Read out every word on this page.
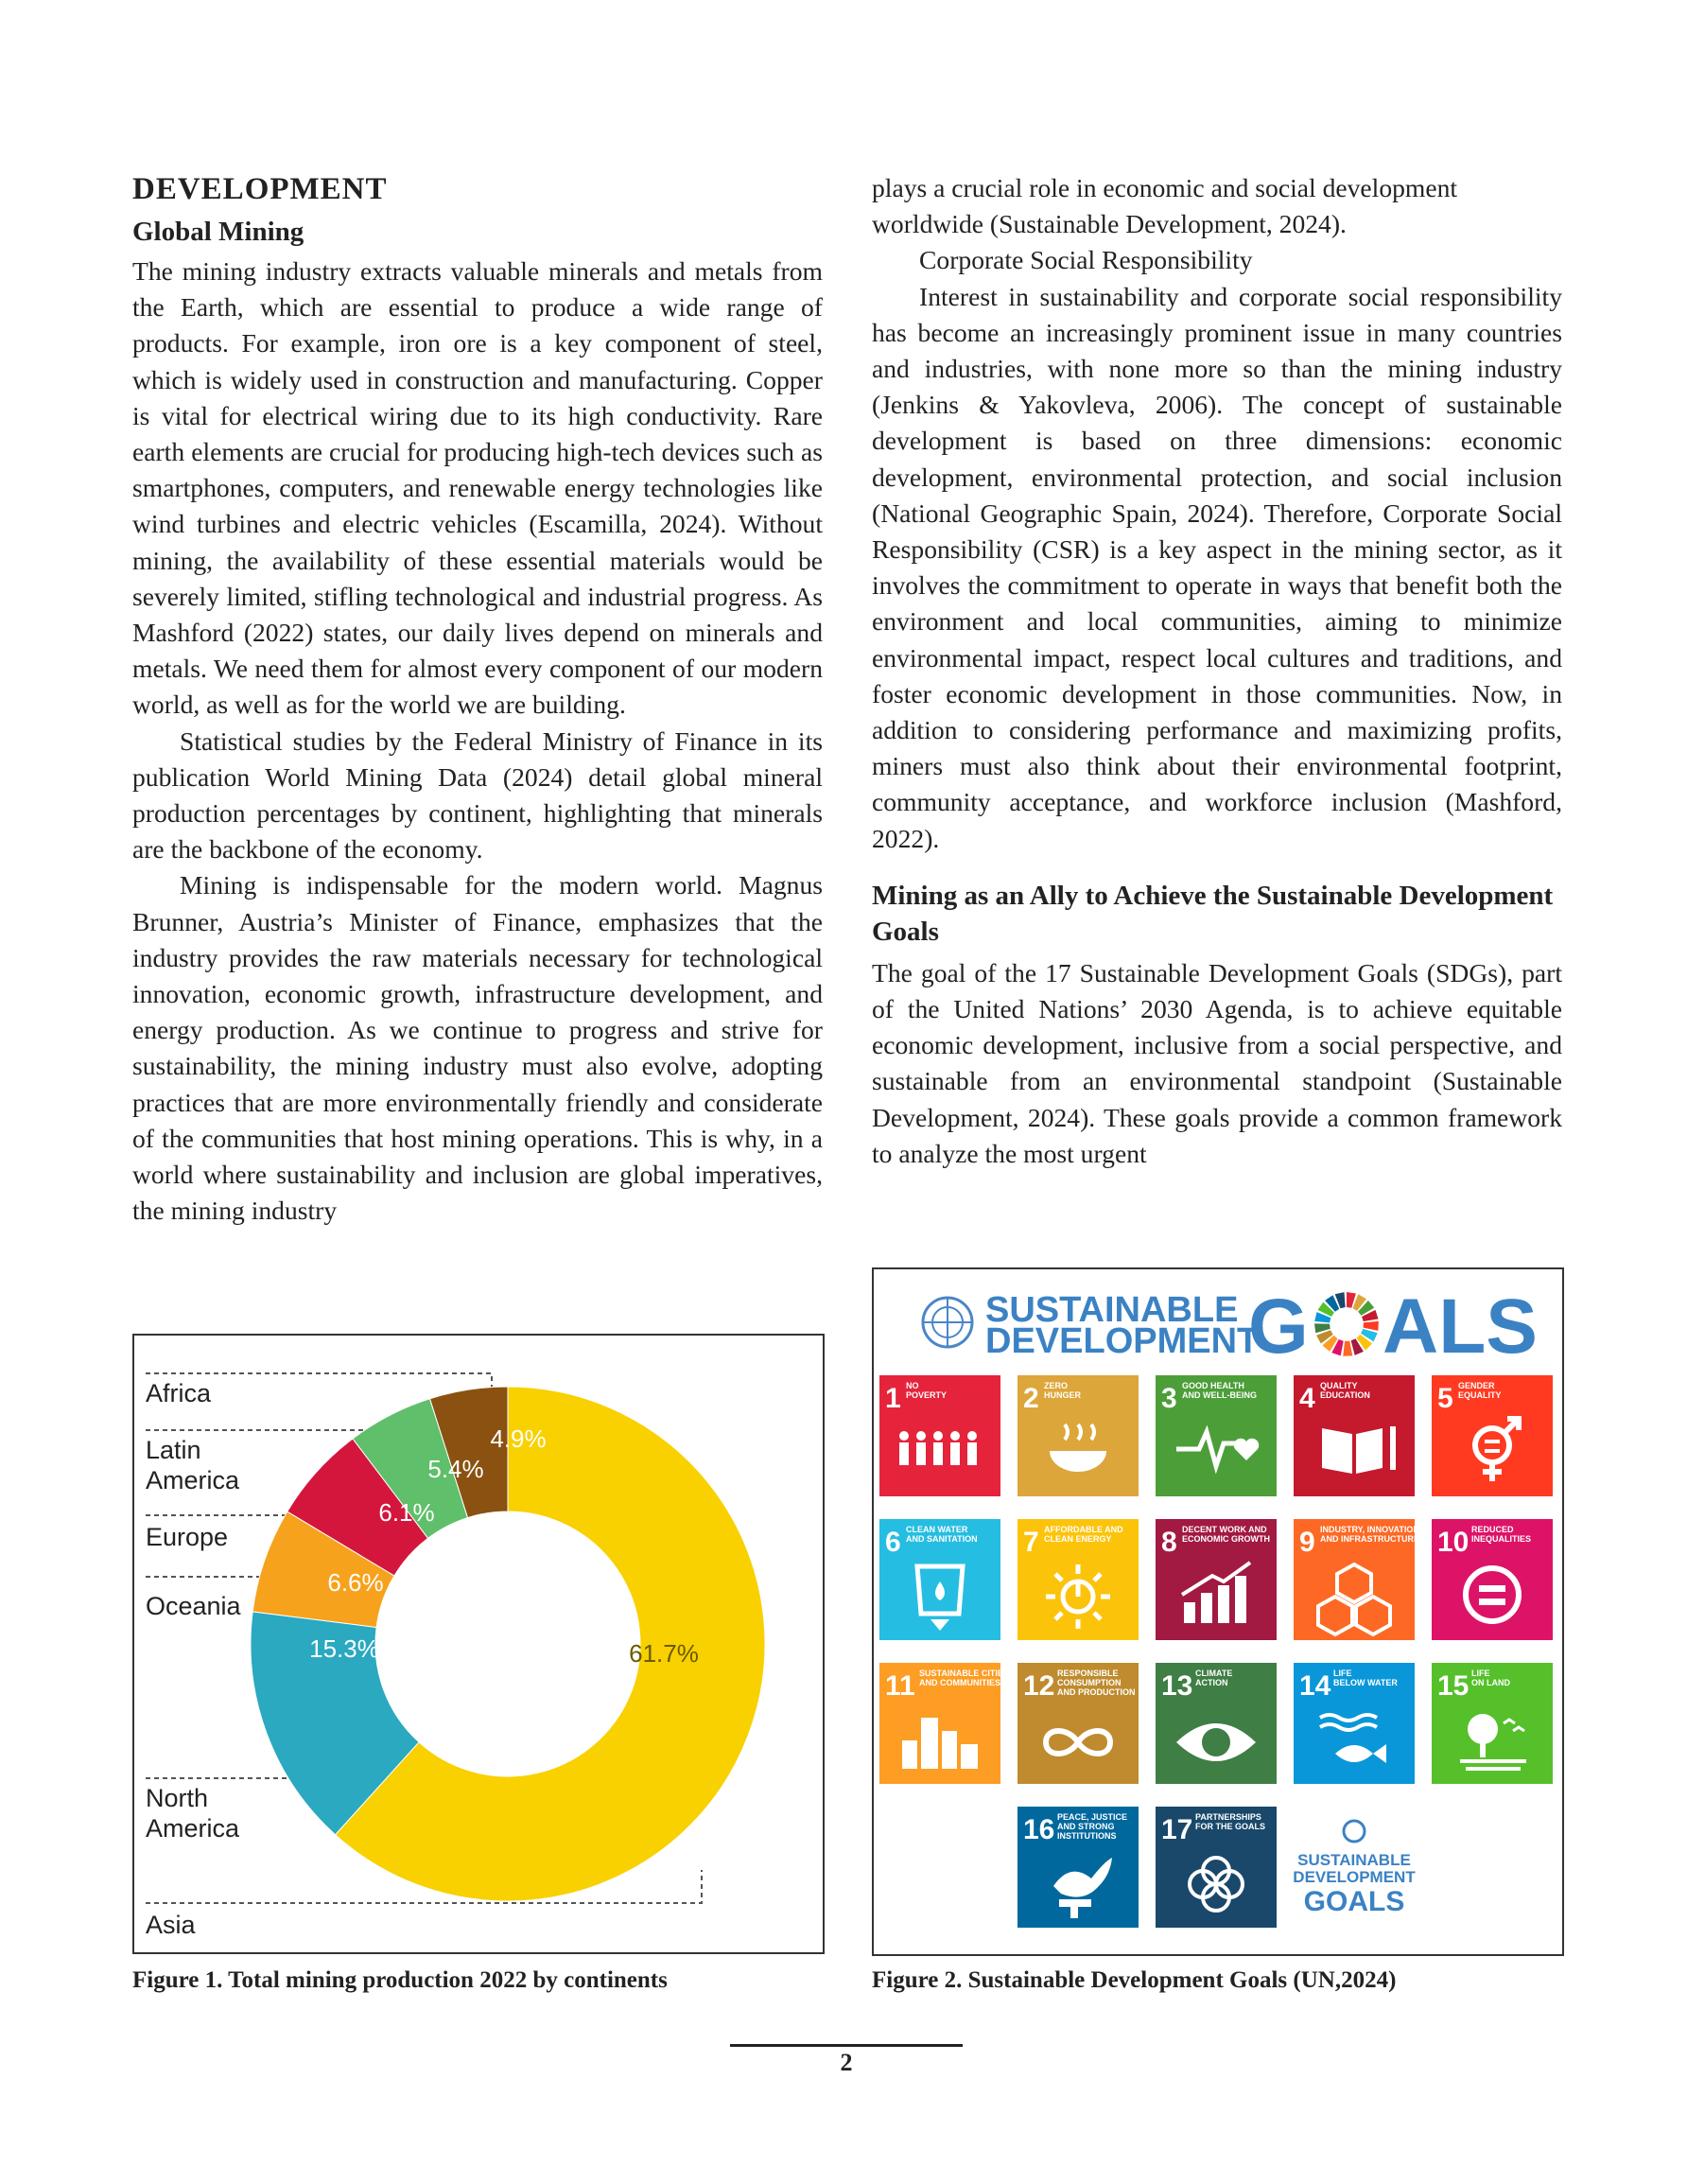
DEVELOPMENT
Global Mining

The mining industry extracts valuable minerals and metals from the Earth, which are essential to produce a wide range of products. For example, iron ore is a key component of steel, which is widely used in construction and manufacturing. Copper is vital for electrical wiring due to its high conductivity. Rare earth elements are crucial for producing high-tech devices such as smartphones, computers, and renewable energy technologies like wind turbines and electric vehicles (Escamilla, 2024). Without mining, the availability of these essential materials would be severely limited, stifling technological and industrial progress. As Mashford (2022) states, our daily lives depend on minerals and metals. We need them for almost every component of our modern world, as well as for the world we are building.

Statistical studies by the Federal Ministry of Finance in its publication World Mining Data (2024) detail global mineral production percentages by continent, highlighting that minerals are the backbone of the economy.

Mining is indispensable for the modern world. Magnus Brunner, Austria’s Minister of Finance, emphasizes that the industry provides the raw materials necessary for technological innovation, economic growth, infrastructure development, and energy production. As we continue to progress and strive for sustainability, the mining industry must also evolve, adopting practices that are more environmentally friendly and considerate of the communities that host mining operations. This is why, in a world where sustainability and inclusion are global imperatives, the mining industry

plays a crucial role in economic and social development worldwide (Sustainable Development, 2024).

Corporate Social Responsibility

Interest in sustainability and corporate social responsibility has become an increasingly prominent issue in many countries and industries, with none more so than the mining industry (Jenkins & Yakovleva, 2006). The concept of sustainable development is based on three dimensions: economic development, environmental protection, and social inclusion (National Geographic Spain, 2024). Therefore, Corporate Social Responsibility (CSR) is a key aspect in the mining sector, as it involves the commitment to operate in ways that benefit both the environment and local communities, aiming to minimize environmental impact, respect local cultures and traditions, and foster economic development in those communities. Now, in addition to considering performance and maximizing profits, miners must also think about their environmental footprint, community acceptance, and workforce inclusion (Mashford, 2022).

Mining as an Ally to Achieve the Sustainable Development Goals

The goal of the 17 Sustainable Development Goals (SDGs), part of the United Nations’ 2030 Agenda, is to achieve equitable economic development, inclusive from a social perspective, and sustainable from an environmental standpoint (Sustainable Development, 2024). These goals provide a common framework to analyze the most urgent

Africa
Latin
America
Europe
Oceania
North
America
Asia
61.7%
15.3%
6.6%
6.1%
5.4%
4.9%
SUSTAINABLE
DEVELOPMENT
G ALS
1 NO
POVERTY	2 ZERO
HUNGER	3 GOOD HEALTH
AND WELL-BEING 4 QUALITY
EDUCATION 5 GENDER
EQUALITY
6 CLEAN WATER
AND SANITATION 7 AFFORDABLE AND
CLEAN ENERGY 8 DECENT WORK AND
ECONOMIC GROWTH 9 INDUSTRY, INNOVATION
AND INFRASTRUCTURE 10 REDUCED
INEQUALITIES
11 SUSTAINABLE CITIES
AND COMMUNITIES 12 RESPONSIBLE
CONSUMPTION
AND PRODUCTION 13 CLIMATE
ACTION	14 LIFE
BELOW WATER 15 LIFE
ON LAND
16 PEACE, JUSTICE
AND STRONG
INSTITUTIONS 17 PARTNERSHIPS
FOR THE GOALS
SUSTAINABLE
DEVELOPMENT
GOALS
Figure 1. Total mining production 2022 by continents	Figure 2. Sustainable Development Goals (UN,2024)
2
